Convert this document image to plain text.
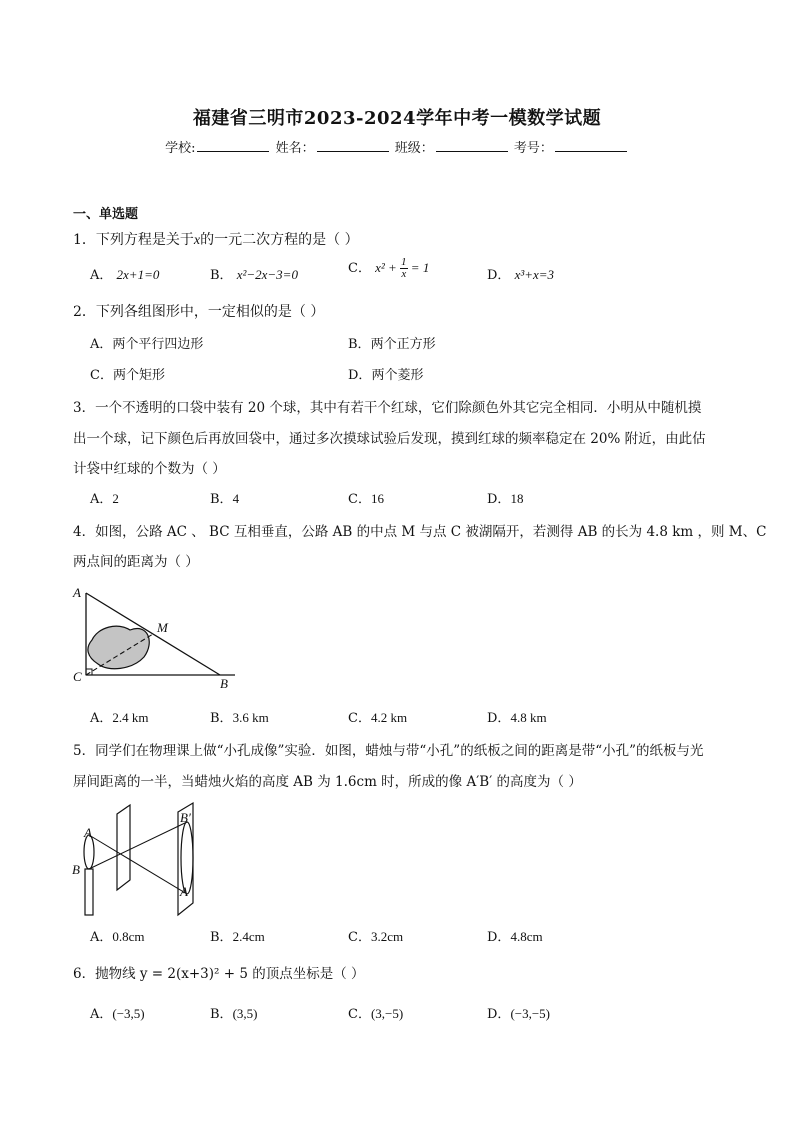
福建省三明市2023-2024学年中考一模数学试题
学校:	姓名：	班级：	考号：
一、单选题
1．下列方程是关于x的一元二次方程的是（ ）
A． 2x+1=0	B． x²−2x−3=0	C． $x^2 + \frac{1}{x} = 1$
D． x³+x=3
2．下列各组图形中，一定相似的是（ ）
A．两个平行四边形	B．两个正方形
C．两个矩形	D．两个菱形
3．一个不透明的口袋中装有 20 个球，其中有若干个红球，它们除颜色外其它完全相同．小明从中随机摸
出一个球，记下颜色后再放回袋中，通过多次摸球试验后发现，摸到红球的频率稳定在 20% 附近，由此估
计袋中红球的个数为（ ）
A．2	B．4	C．16	D．18
4．如图，公路 AC 、 BC 互相垂直，公路 AB 的中点 M 与点 C 被湖隔开，若测得 AB 的长为 4.8 km ，则 M、C
两点间的距离为（ ）
A
C	B
M
A．2.4 km	B．3.6 km	C．4.2 km	D．4.8 km
5．同学们在物理课上做“小孔成像”实验．如图，蜡烛与带“小孔”的纸板之间的距离是带“小孔”的纸板与光
屏间距离的一半，当蜡烛火焰的高度 AB 为 1.6cm 时，所成的像 A′B′ 的高度为（ ）
A
B
B′
A′
A．0.8cm	B．2.4cm	C．3.2cm	D．4.8cm
6．抛物线 y = 2(x+3)² + 5 的顶点坐标是（ ）
A．(−3,5)	B．(3,5)	C．(3,−5)	D．(−3,−5)
